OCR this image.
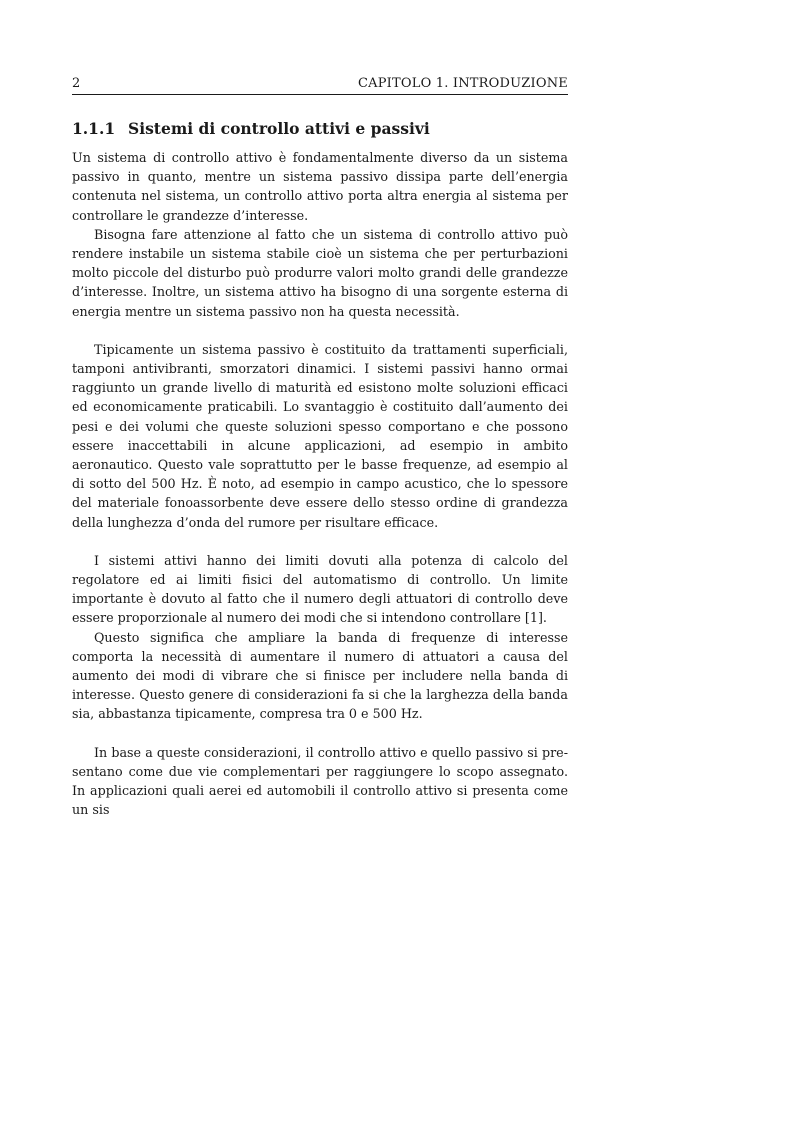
2	CAPITOLO 1. INTRODUZIONE
1.1.1 Sistemi di controllo attivi e passivi

Un sistema di controllo attivo è fondamentalmente diverso da un sistema passivo in quanto, mentre un sistema passivo dissipa parte dell’energia contenuta nel sistema, un controllo attivo porta altra energia al sistema per controllare le grandezze d’interesse.

Bisogna fare attenzione al fatto che un sistema di controllo attivo può rendere instabile un sistema stabile cioè un sistema che per perturbazioni molto piccole del disturbo può produrre valori molto grandi delle grandezze d’interesse. Inoltre, un sistema attivo ha bisogno di una sorgente esterna di energia mentre un sistema passivo non ha questa necessità.

Tipicamente un sistema passivo è costituito da trattamenti superficiali, tamponi antivibranti, smorzatori dinamici. I sistemi passivi hanno ormai raggiunto un grande livello di maturità ed esistono molte soluzioni efficaci ed economicamente praticabili. Lo svantaggio è costituito dall’aumento dei pesi e dei volumi che queste soluzioni spesso comportano e che possono essere inaccettabili in alcune applicazioni, ad esempio in ambito aeronautico. Questo vale soprattutto per le basse frequenze, ad esempio al di sotto del 500 Hz. È noto, ad esempio in campo acustico, che lo spessore del materiale fonoassorbente deve essere dello stesso ordine di grandezza della lunghezza d’onda del rumore per risultare efficace.

I sistemi attivi hanno dei limiti dovuti alla potenza di calcolo del regolatore ed ai limiti fisici del automatismo di controllo. Un limite importante è dovuto al fatto che il numero degli attuatori di controllo deve essere proporzionale al numero dei modi che si intendono controllare [1].

Questo significa che ampliare la banda di frequenze di interesse comporta la necessità di aumentare il numero di attuatori a causa del aumento dei modi di vibrare che si finisce per includere nella banda di interesse. Questo genere di considerazioni fa si che la larghezza della banda sia, abbastanza tipicamente, compresa tra 0 e 500 Hz.

In base a queste considerazioni, il controllo attivo e quello passivo si presentano come due vie complementari per raggiungere lo scopo assegnato. In applicazioni quali aerei ed automobili il controllo attivo si presenta come un sis
